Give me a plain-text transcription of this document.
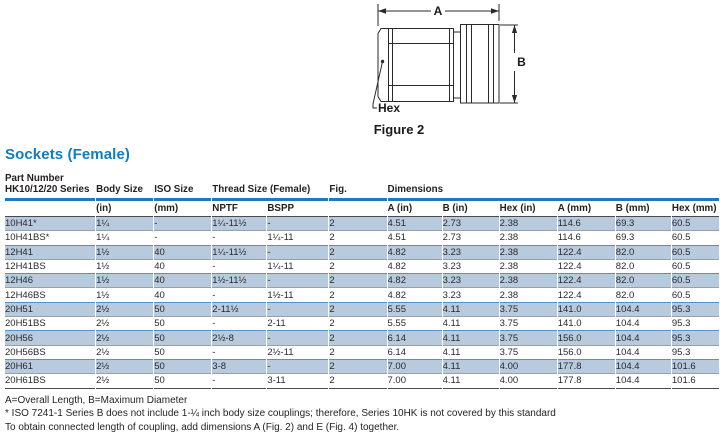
A
B
Hex
Figure 2
Sockets (Female)
Part Number
HK10/12/20 Series	Body Size	ISO Size	Thread Size (Female)		Fig.	Dimensions					
	(in)	(mm)	NPTF	BSPP		A (in)	B (in)	Hex (in)	A (mm)	B (mm)	Hex (mm)
10H41*	1¼	-	1¼-11½	-	2	4.51	2.73	2.38	114.6	69.3	60.5
10H41BS*	1¼	-	-	1¼-11	2	4.51	2.73	2.38	114.6	69.3	60.5
12H41	1½	40	1¼-11½	-	2	4.82	3.23	2.38	122.4	82.0	60.5
12H41BS	1½	40	-	1¼-11	2	4.82	3.23	2.38	122.4	82.0	60.5
12H46	1½	40	1½-11½	-	2	4.82	3.23	2.38	122.4	82.0	60.5
12H46BS	1½	40	-	1½-11	2	4.82	3.23	2.38	122.4	82.0	60.5
20H51	2½	50	2-11½	-	2	5.55	4.11	3.75	141.0	104.4	95.3
20H51BS	2½	50	-	2-11	2	5.55	4.11	3.75	141.0	104.4	95.3
20H56	2½	50	2½-8	-	2	6.14	4.11	3.75	156.0	104.4	95.3
20H56BS	2½	50	-	2½-11	2	6.14	4.11	3.75	156.0	104.4	95.3
20H61	2½	50	3-8	-	2	7.00	4.11	4.00	177.8	104.4	101.6
20H61BS	2½	50	-	3-11	2	7.00	4.11	4.00	177.8	104.4	101.6
A=Overall Length, B=Maximum Diameter
* ISO 7241-1 Series B does not include 1-¼ inch body size couplings; therefore, Series 10HK is not covered by this standard
To obtain connected length of coupling, add dimensions A (Fig. 2) and E (Fig. 4) together.
